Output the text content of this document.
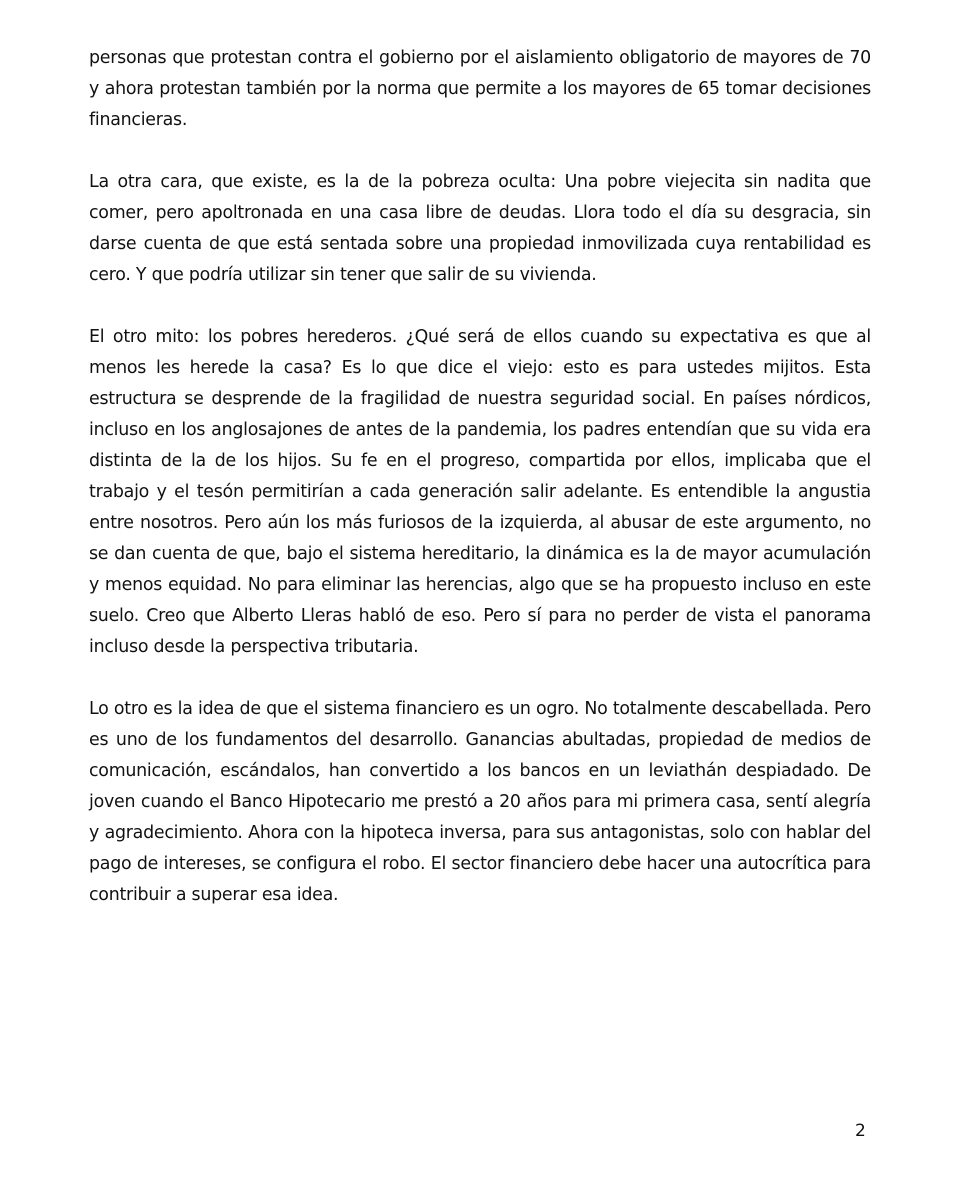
personas que protestan contra el gobierno por el aislamiento obligatorio de mayores de 70 y ahora protestan también por la norma que permite a los mayores de 65 tomar decisiones financieras.

La otra cara, que existe, es la de la pobreza oculta: Una pobre viejecita sin nadita que comer, pero apoltronada en una casa libre de deudas. Llora todo el día su desgracia, sin darse cuenta de que está sentada sobre una propiedad inmovilizada cuya rentabilidad es cero. Y que podría utilizar sin tener que salir de su vivienda.

El otro mito: los pobres herederos. ¿Qué será de ellos cuando su expectativa es que al menos les herede la casa? Es lo que dice el viejo: esto es para ustedes mijitos. Esta estructura se desprende de la fragilidad de nuestra seguridad social. En países nórdicos, incluso en los anglosajones de antes de la pandemia, los padres entendían que su vida era distinta de la de los hijos. Su fe en el progreso, compartida por ellos, implicaba que el trabajo y el tesón permitirían a cada generación salir adelante. Es entendible la angustia entre nosotros. Pero aún los más furiosos de la izquierda, al abusar de este argumento, no se dan cuenta de que, bajo el sistema hereditario, la dinámica es la de mayor acumulación y menos equidad. No para eliminar las herencias, algo que se ha propuesto incluso en este suelo. Creo que Alberto Lleras habló de eso. Pero sí para no perder de vista el panorama incluso desde la perspectiva tributaria.

Lo otro es la idea de que el sistema financiero es un ogro. No totalmente descabellada. Pero es uno de los fundamentos del desarrollo. Ganancias abultadas, propiedad de medios de comunicación, escándalos, han convertido a los bancos en un leviathán despiadado. De joven cuando el Banco Hipotecario me prestó a 20 años para mi primera casa, sentí alegría y agradecimiento. Ahora con la hipoteca inversa, para sus antagonistas, solo con hablar del pago de intereses, se configura el robo. El sector financiero debe hacer una autocrítica para contribuir a superar esa idea.

2
